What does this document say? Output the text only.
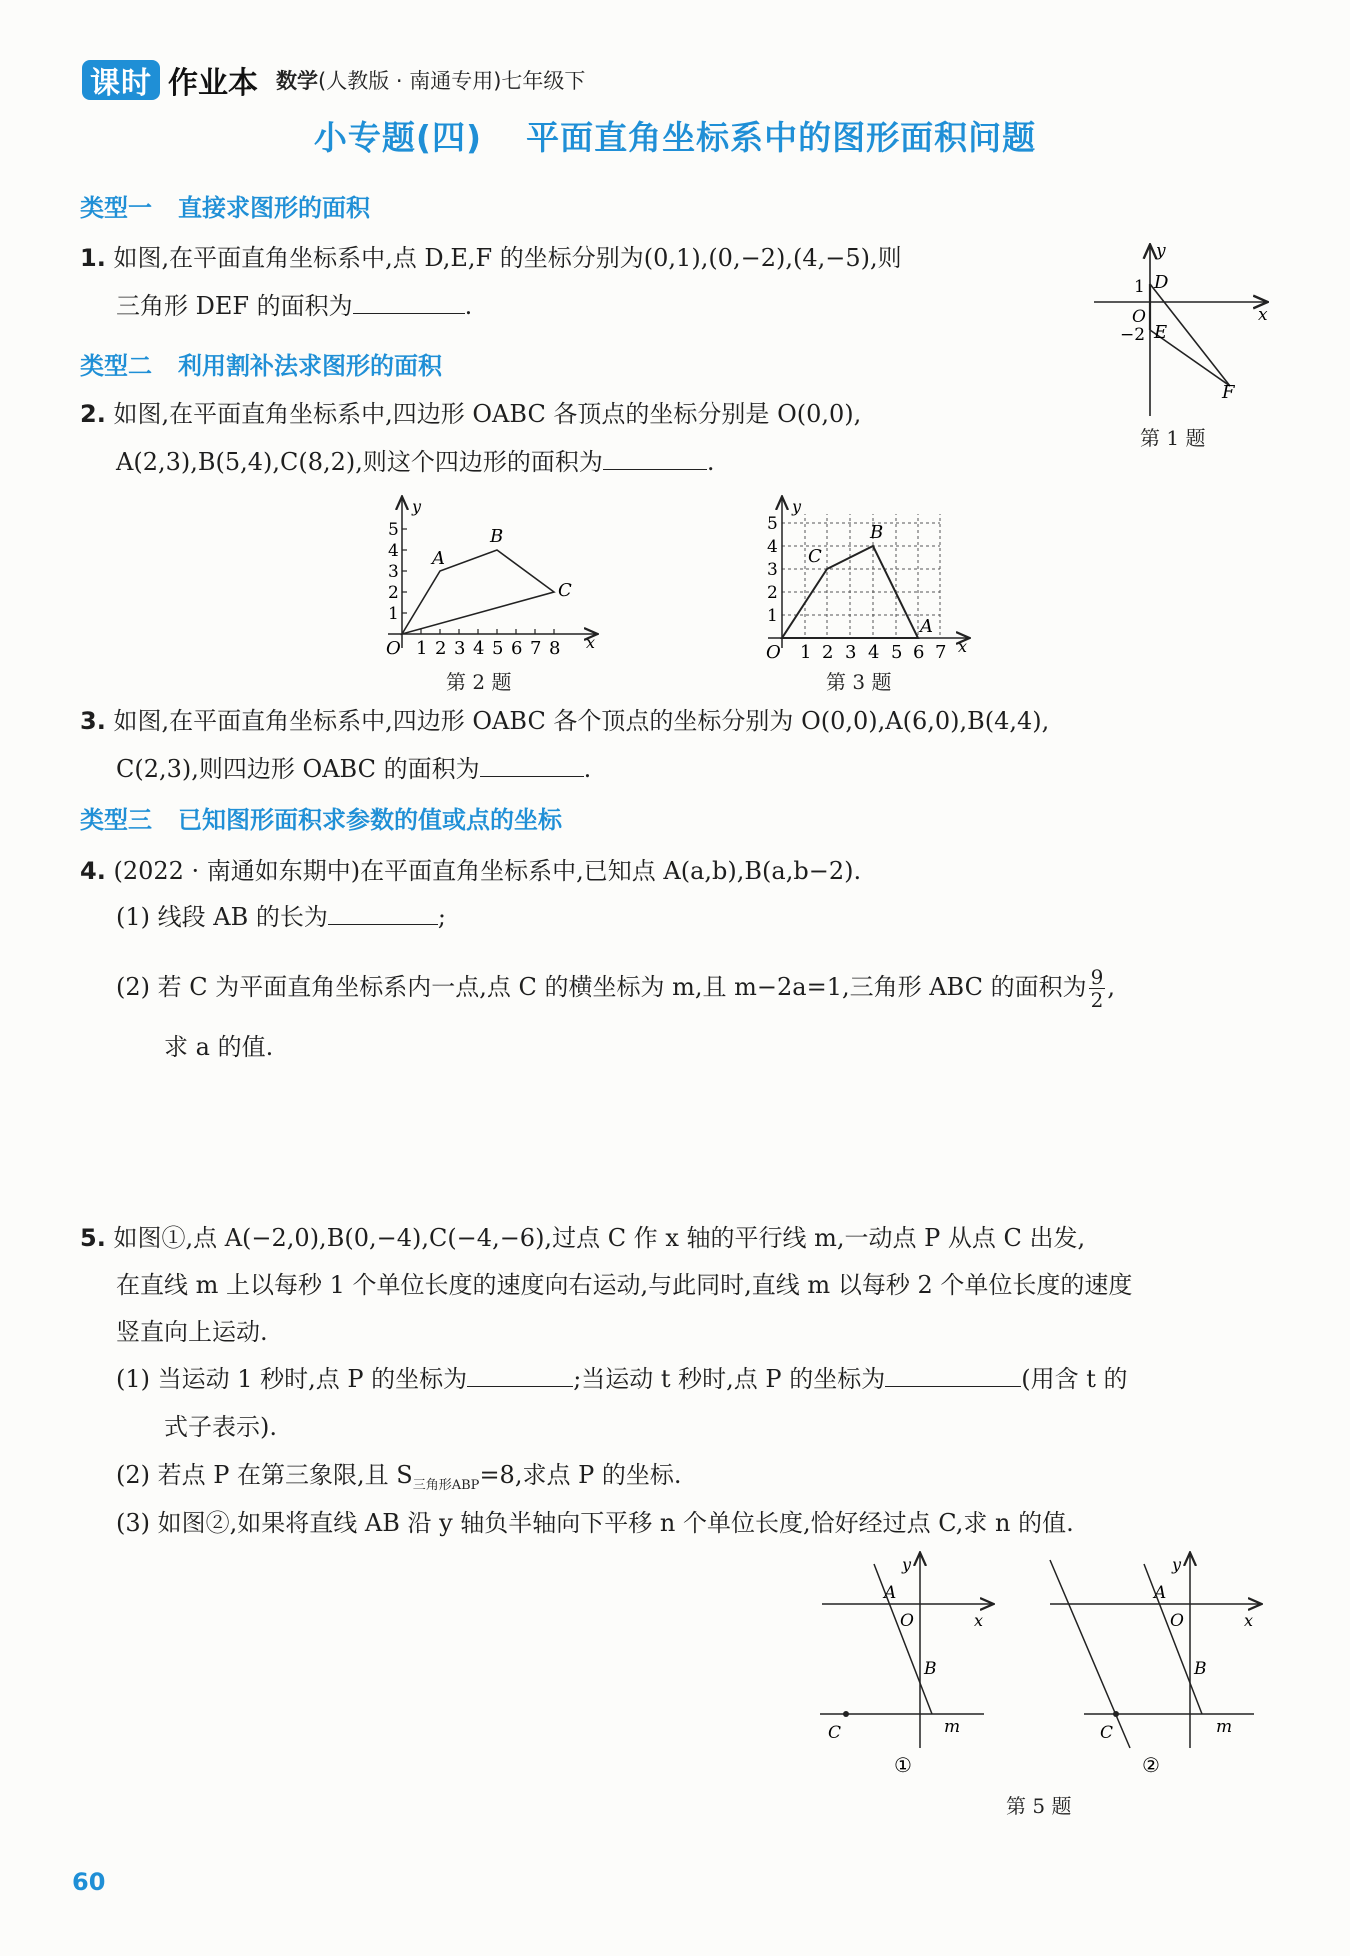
课时 作业本 数学(人教版 · 南通专用)七年级下
小专题(四) 平面直角坐标系中的图形面积问题
类型一 直接求图形的面积
1. 如图,在平面直角坐标系中,点 D,E,F 的坐标分别为(0,1),(0,−2),(4,−5),则
三角形 DEF 的面积为	.
类型二 利用割补法求图形的面积
2. 如图,在平面直角坐标系中,四边形 OABC 各顶点的坐标分别是 O(0,0),
A(2,3),B(5,4),C(8,2),则这个四边形的面积为	.
y
x
1 D
O
−2 E
F
第 1 题
y
x
O 1 2 3 4 5 6 7 8
1
2
3
4
5
A
B
C
第 2 题
y
x
O 1 2 3 4 5 6 7
1
2
3
4
5
C
B
A
第 3 题
3. 如图,在平面直角坐标系中,四边形 OABC 各个顶点的坐标分别为 O(0,0),A(6,0),B(4,4),
C(2,3),则四边形 OABC 的面积为	.
类型三 已知图形面积求参数的值或点的坐标
4. (2022 · 南通如东期中)在平面直角坐标系中,已知点 A(a,b),B(a,b−2).
(1) 线段 AB 的长为	;
(2) 若 C 为平面直角坐标系内一点,点 C 的横坐标为 m,且 m−2a=1,三角形 ABC 的面积为 $\frac{9}{2}$ ,
求 a 的值.
5. 如图①,点 A(−2,0),B(0,−4),C(−4,−6),过点 C 作 x 轴的平行线 m,一动点 P 从点 C 出发,
在直线 m 上以每秒 1 个单位长度的速度向右运动,与此同时,直线 m 以每秒 2 个单位长度的速度
竖直向上运动.
(1) 当运动 1 秒时,点 P 的坐标为	;当运动 t 秒时,点 P 的坐标为	(用含 t 的
式子表示).
(2) 若点 P 在第三象限,且 $S_{三角形ABP}=8$,求点 P 的坐标.
(3) 如图②,如果将直线 AB 沿 y 轴负半轴向下平移 n 个单位长度,恰好经过点 C,求 n 的值.
y
x
A
O
B
C	m
①
y
x
A
O
B
C	m
②
第 5 题
60
